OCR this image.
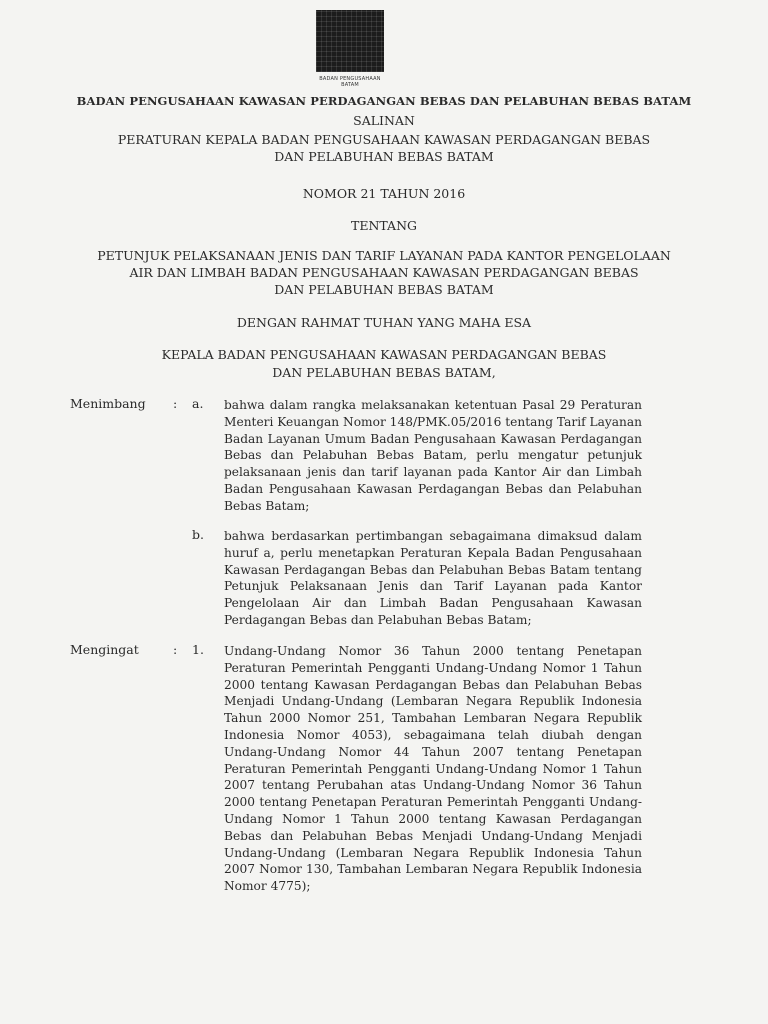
BADAN PENGUSAHAAN BATAM
BADAN PENGUSAHAAN KAWASAN PERDAGANGAN BEBAS DAN PELABUHAN BEBAS BATAM
SALINAN
PERATURAN KEPALA BADAN PENGUSAHAAN KAWASAN PERDAGANGAN BEBAS
DAN PELABUHAN BEBAS BATAM
NOMOR 21 TAHUN 2016
TENTANG
PETUNJUK PELAKSANAAN JENIS DAN TARIF LAYANAN PADA KANTOR PENGELOLAAN
AIR DAN LIMBAH BADAN PENGUSAHAAN KAWASAN PERDAGANGAN BEBAS
DAN PELABUHAN BEBAS BATAM
DENGAN RAHMAT TUHAN YANG MAHA ESA
KEPALA BADAN PENGUSAHAAN KAWASAN PERDAGANGAN BEBAS
DAN PELABUHAN BEBAS BATAM,
Menimbang : a. bahwa dalam rangka melaksanakan ketentuan Pasal 29 Peraturan Menteri Keuangan Nomor 148/PMK.05/2016 tentang Tarif Layanan Badan Layanan Umum Badan Pengusahaan Kawasan Perdagangan Bebas dan Pelabuhan Bebas Batam, perlu mengatur petunjuk pelaksanaan jenis dan tarif layanan pada Kantor Air dan Limbah Badan Pengusahaan Kawasan Perdagangan Bebas dan Pelabuhan Bebas Batam;

b. bahwa berdasarkan pertimbangan sebagaimana dimaksud dalam huruf a, perlu menetapkan Peraturan Kepala Badan Pengusahaan Kawasan Perdagangan Bebas dan Pelabuhan Bebas Batam tentang Petunjuk Pelaksanaan Jenis dan Tarif Layanan pada Kantor Pengelolaan Air dan Limbah Badan Pengusahaan Kawasan Perdagangan Bebas dan Pelabuhan Bebas Batam;

Mengingat	: 1. Undang-Undang Nomor 36 Tahun 2000 tentang Penetapan Peraturan Pemerintah Pengganti Undang-Undang Nomor 1 Tahun 2000 tentang Kawasan Perdagangan Bebas dan Pelabuhan Bebas Menjadi Undang-Undang (Lembaran Negara Republik Indonesia Tahun 2000 Nomor 251, Tambahan Lembaran Negara Republik Indonesia Nomor 4053), sebagaimana telah diubah dengan Undang-Undang Nomor 44 Tahun 2007 tentang Penetapan Peraturan Pemerintah Pengganti Undang-Undang Nomor 1 Tahun 2007 tentang Perubahan atas Undang-Undang Nomor 36 Tahun 2000 tentang Penetapan Peraturan Pemerintah Pengganti Undang-Undang Nomor 1 Tahun 2000 tentang Kawasan Perdagangan Bebas dan Pelabuhan Bebas Menjadi Undang-Undang Menjadi Undang-Undang (Lembaran Negara Republik Indonesia Tahun 2007 Nomor 130, Tambahan Lembaran Negara Republik Indonesia Nomor 4775);
